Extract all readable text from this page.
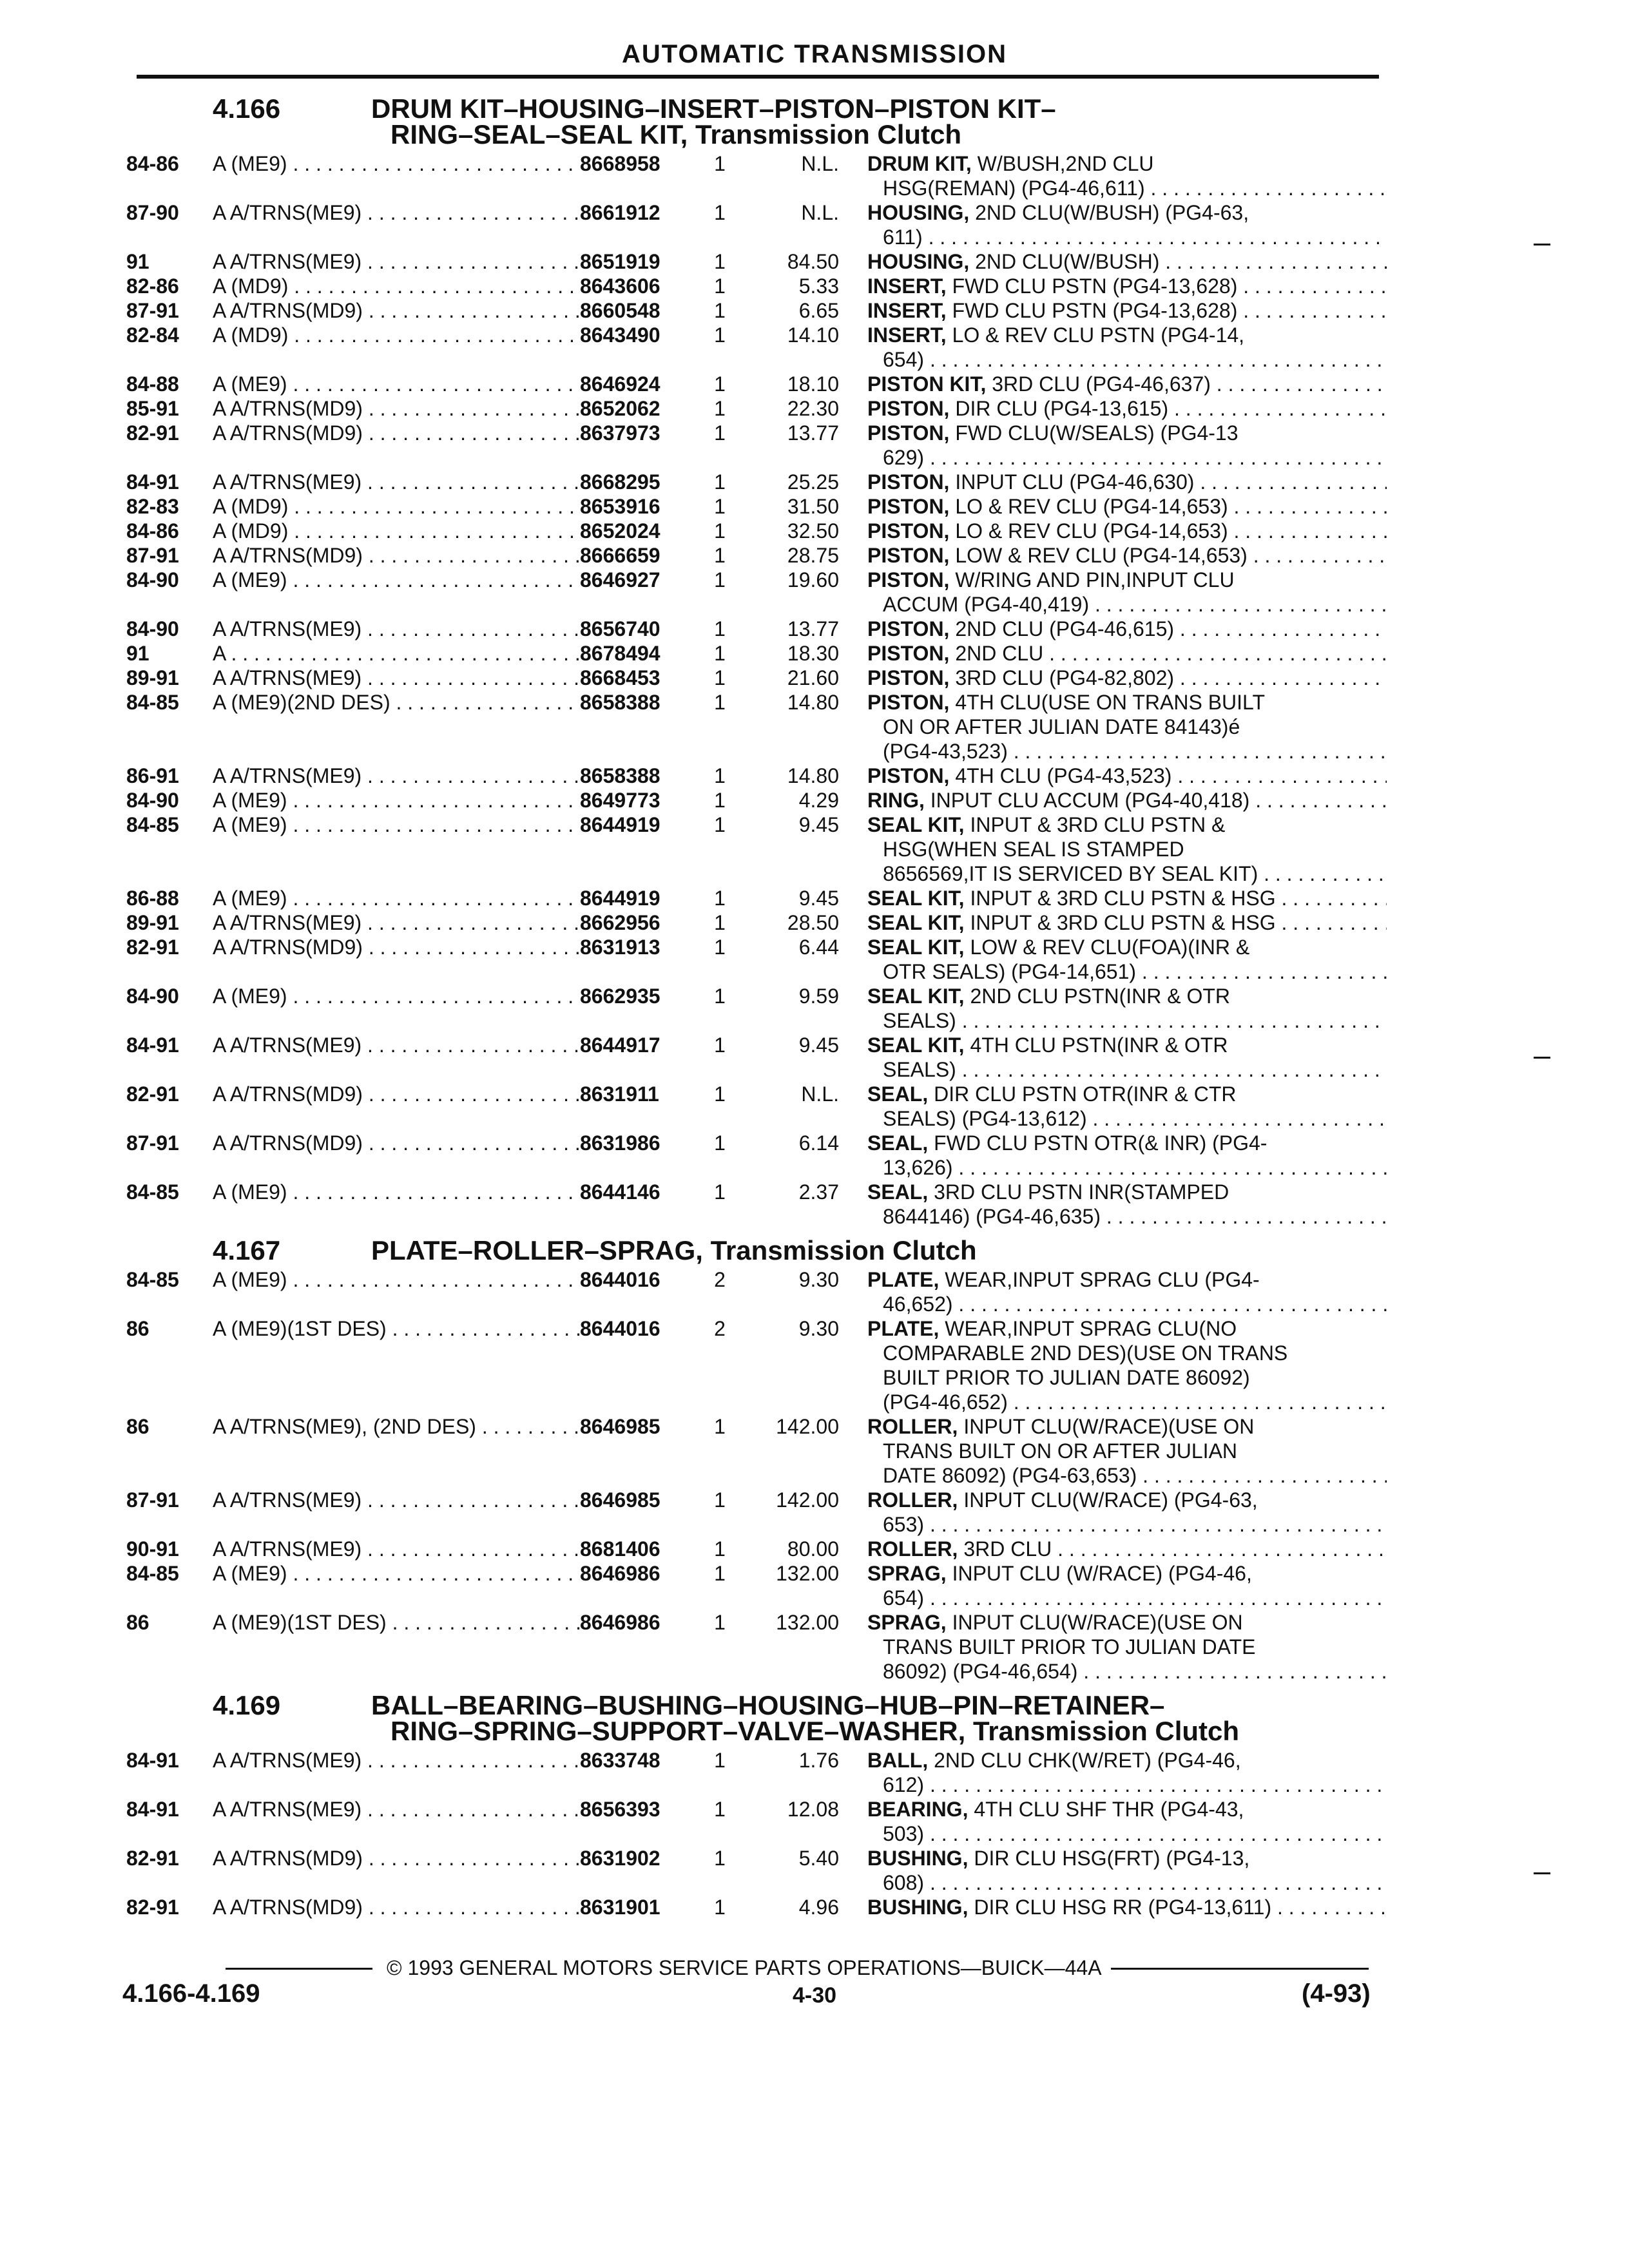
AUTOMATIC TRANSMISSION
4.166	DRUM KIT–HOUSING–INSERT–PISTON–PISTON KIT–
RING–SEAL–SEAL KIT, Transmission Clutch
84-86	A (ME9) . . .	8668958	1	N.L. DRUM KIT, W/BUSH,2ND CLU
HSG(REMAN) (PG4-46,611) . . .
87-90	A A/TRNS(ME9) . . .	8661912	1	N.L. HOUSING, 2ND CLU(W/BUSH) (PG4-63,
611) . . .
91	A A/TRNS(ME9) . . .	8651919	1	84.50 HOUSING, 2ND CLU(W/BUSH) . . .
82-86	A (MD9) . . .	8643606	1	5.33 INSERT, FWD CLU PSTN (PG4-13,628) . . .
87-91	A A/TRNS(MD9) . . .	8660548	1	6.65 INSERT, FWD CLU PSTN (PG4-13,628) . . .
82-84	A (MD9) . . .	8643490	1	14.10 INSERT, LO & REV CLU PSTN (PG4-14,
654) . . .
84-88	A (ME9) . . .	8646924	1	18.10 PISTON KIT, 3RD CLU (PG4-46,637) . . .
85-91	A A/TRNS(MD9) . . .	8652062	1	22.30 PISTON, DIR CLU (PG4-13,615) . . .
82-91	A A/TRNS(MD9) . . .	8637973	1	13.77 PISTON, FWD CLU(W/SEALS) (PG4-13
629) . . .
84-91	A A/TRNS(ME9) . . .	8668295	1	25.25 PISTON, INPUT CLU (PG4-46,630) . . .
82-83	A (MD9) . . .	8653916	1	31.50 PISTON, LO & REV CLU (PG4-14,653) . . .
84-86	A (MD9) . . .	8652024	1	32.50 PISTON, LO & REV CLU (PG4-14,653) . . .
87-91	A A/TRNS(MD9) . . .	8666659	1	28.75 PISTON, LOW & REV CLU (PG4-14,653) . . .
84-90	A (ME9) . . .	8646927	1	19.60 PISTON, W/RING AND PIN,INPUT CLU
ACCUM (PG4-40,419) . . .
84-90	A A/TRNS(ME9) . . .	8656740	1	13.77 PISTON, 2ND CLU (PG4-46,615) . . .
91	A . . .	8678494	1	18.30 PISTON, 2ND CLU . . .
89-91	A A/TRNS(ME9) . . .	8668453	1	21.60 PISTON, 3RD CLU (PG4-82,802) . . .
84-85	A (ME9)(2ND DES) . . .	8658388	1	14.80 PISTON, 4TH CLU(USE ON TRANS BUILT
ON OR AFTER JULIAN DATE 84143)é
(PG4-43,523) . . .
86-91	A A/TRNS(ME9) . . .	8658388	1	14.80 PISTON, 4TH CLU (PG4-43,523) . . .
84-90	A (ME9) . . .	8649773	1	4.29 RING, INPUT CLU ACCUM (PG4-40,418) . . .
84-85	A (ME9) . . .	8644919	1	9.45 SEAL KIT, INPUT & 3RD CLU PSTN &
HSG(WHEN SEAL IS STAMPED
8656569,IT IS SERVICED BY SEAL KIT) . . .
86-88	A (ME9) . . .	8644919	1	9.45 SEAL KIT, INPUT & 3RD CLU PSTN & HSG . . .
89-91	A A/TRNS(ME9) . . .	8662956	1	28.50 SEAL KIT, INPUT & 3RD CLU PSTN & HSG . . .
82-91	A A/TRNS(MD9) . . .	8631913	1	6.44 SEAL KIT, LOW & REV CLU(FOA)(INR &
OTR SEALS) (PG4-14,651) . . .
84-90	A (ME9) . . .	8662935	1	9.59 SEAL KIT, 2ND CLU PSTN(INR & OTR
SEALS) . . .
84-91	A A/TRNS(ME9) . . .	8644917	1	9.45 SEAL KIT, 4TH CLU PSTN(INR & OTR
SEALS) . . .
82-91	A A/TRNS(MD9) . . .	8631911	1	N.L. SEAL, DIR CLU PSTN OTR(INR & CTR
SEALS) (PG4-13,612) . . .
87-91	A A/TRNS(MD9) . . .	8631986	1	6.14 SEAL, FWD CLU PSTN OTR(& INR) (PG4-
13,626) . . .
84-85	A (ME9) . . .	8644146	1	2.37 SEAL, 3RD CLU PSTN INR(STAMPED
8644146) (PG4-46,635) . . .
4.167	PLATE–ROLLER–SPRAG, Transmission Clutch
84-85	A (ME9) . . .	8644016	2	9.30 PLATE, WEAR,INPUT SPRAG CLU (PG4-
46,652) . . .
86	A (ME9)(1ST DES) . . .	8644016	2	9.30 PLATE, WEAR,INPUT SPRAG CLU(NO
COMPARABLE 2ND DES)(USE ON TRANS
BUILT PRIOR TO JULIAN DATE 86092)
(PG4-46,652) . . .
86	A A/TRNS(ME9), (2ND DES) . . .	8646985	1	142.00 ROLLER, INPUT CLU(W/RACE)(USE ON
TRANS BUILT ON OR AFTER JULIAN
DATE 86092) (PG4-63,653) . . .
87-91	A A/TRNS(ME9) . . .	8646985	1	142.00 ROLLER, INPUT CLU(W/RACE) (PG4-63,
653) . . .
90-91	A A/TRNS(ME9) . . .	8681406	1	80.00 ROLLER, 3RD CLU . . .
84-85	A (ME9) . . .	8646986	1	132.00 SPRAG, INPUT CLU (W/RACE) (PG4-46,
654) . . .
86	A (ME9)(1ST DES) . . .	8646986	1	132.00 SPRAG, INPUT CLU(W/RACE)(USE ON
TRANS BUILT PRIOR TO JULIAN DATE
86092) (PG4-46,654) . . .
4.169	BALL–BEARING–BUSHING–HOUSING–HUB–PIN–RETAINER–
RING–SPRING–SUPPORT–VALVE–WASHER, Transmission Clutch
84-91	A A/TRNS(ME9) . . .	8633748	1	1.76 BALL, 2ND CLU CHK(W/RET) (PG4-46,
612) . . .
84-91	A A/TRNS(ME9) . . .	8656393	1	12.08 BEARING, 4TH CLU SHF THR (PG4-43,
503) . . .
82-91	A A/TRNS(MD9) . . .	8631902	1	5.40 BUSHING, DIR CLU HSG(FRT) (PG4-13,
608) . . .
82-91	A A/TRNS(MD9) . . .	8631901	1	4.96 BUSHING, DIR CLU HSG RR (PG4-13,611) . . .
© 1993 GENERAL MOTORS SERVICE PARTS OPERATIONS—BUICK—44A
4.166-4.169	4-30	(4-93)
